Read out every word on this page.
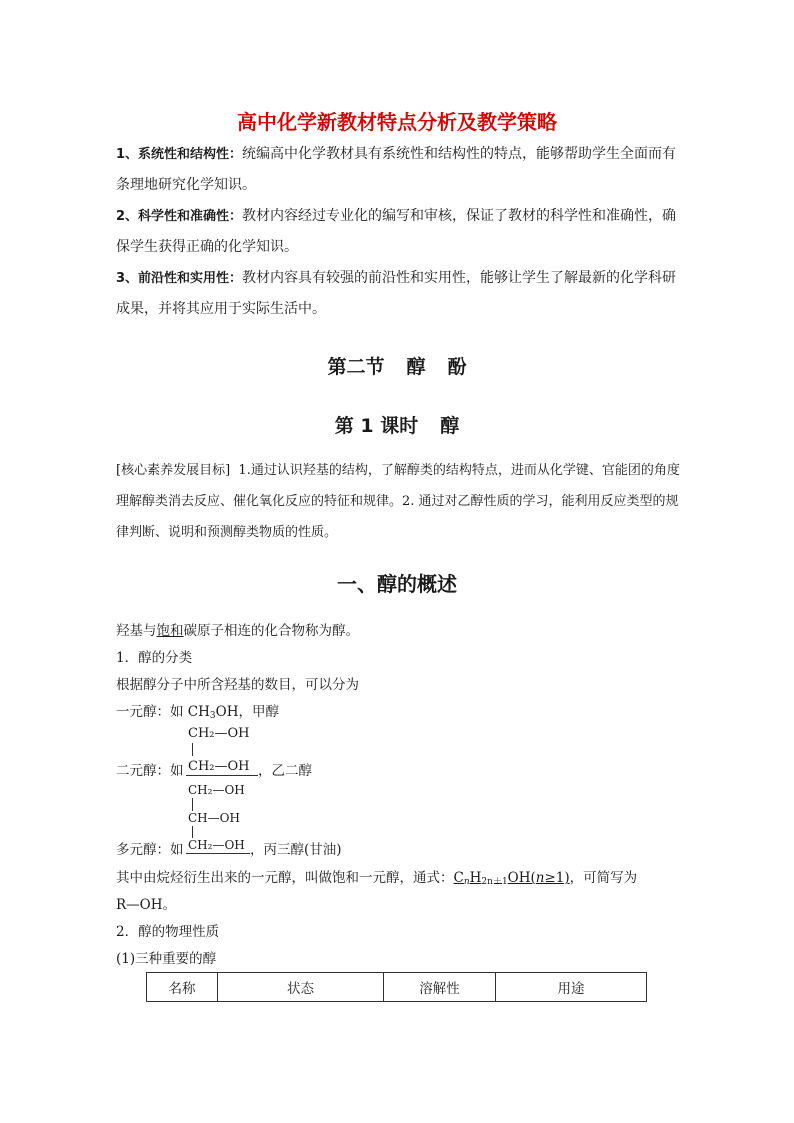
高中化学新教材特点分析及教学策略
1、系统性和结构性：统编高中化学教材具有系统性和结构性的特点，能够帮助学生全面而有条理地研究化学知识。
2、科学性和准确性：教材内容经过专业化的编写和审核，保证了教材的科学性和准确性，确保学生获得正确的化学知识。
3、前沿性和实用性：教材内容具有较强的前沿性和实用性，能够让学生了解最新的化学科研成果，并将其应用于实际生活中。
第二节 醇 酚
第 1 课时 醇
[核心素养发展目标] 1.通过认识羟基的结构，了解醇类的结构特点，进而从化学键、官能团的角度理解醇类消去反应、催化氧化反应的特征和规律。2. 通过对乙醇性质的学习，能利用反应类型的规律判断、说明和预测醇类物质的性质。
一、醇的概述
羟基与饱和碳原子相连的化合物称为醇。
1．醇的分类
根据醇分子中所含羟基的数目，可以分为
一元醇：如 $CH_3OH$，甲醇
CH₂—OH
二元醇：如 CH₂—OH ，乙二醇
CH₂—OH
CH—OH
多元醇：如 CH₂—OH ，丙三醇(甘油)
其中由烷烃衍生出来的一元醇，叫做饱和一元醇，通式：$C_nH_{2n+1}OH(n\ge 1)$，可简写为
R—OH。
2．醇的物理性质
(1)三种重要的醇
名称	状态	溶解性	用途
